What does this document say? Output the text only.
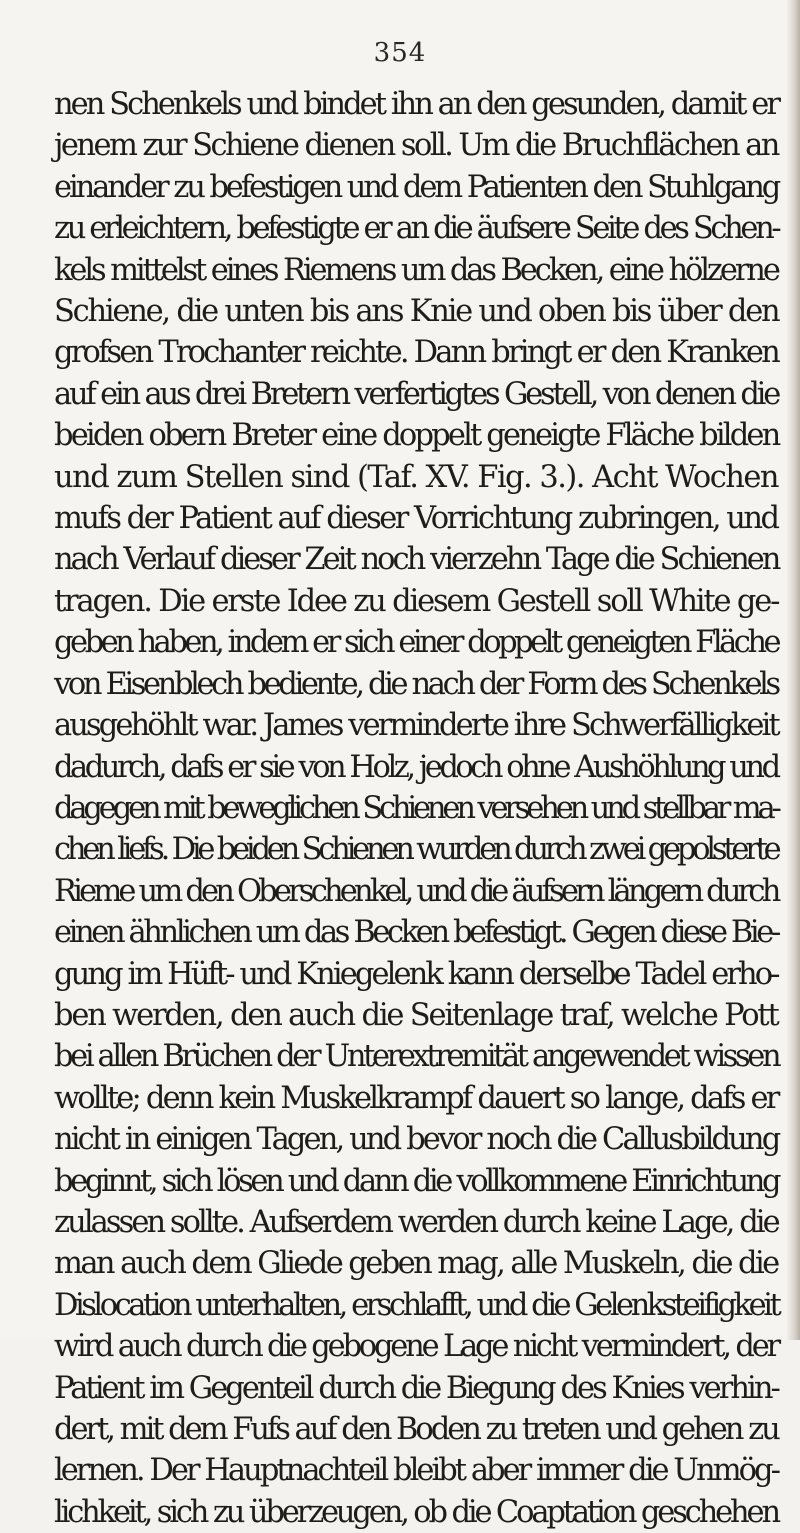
354
nen Schenkels und bindet ihn an den gesunden, damit er
jenem zur Schiene dienen soll. Um die Bruchflächen an
einander zu befestigen und dem Patienten den Stuhlgang
zu erleichtern, befestigte er an die äufsere Seite des Schen-
kels mittelst eines Riemens um das Becken, eine hölzerne
Schiene, die unten bis ans Knie und oben bis über den
grofsen Trochanter reichte. Dann bringt er den Kranken
auf ein aus drei Bretern verfertigtes Gestell, von denen die
beiden obern Breter eine doppelt geneigte Fläche bilden
und zum Stellen sind (Taf. XV. Fig. 3.). Acht Wochen
mufs der Patient auf dieser Vorrichtung zubringen, und
nach Verlauf dieser Zeit noch vierzehn Tage die Schienen
tragen. Die erste Idee zu diesem Gestell soll White ge-
geben haben, indem er sich einer doppelt geneigten Fläche
von Eisenblech bediente, die nach der Form des Schenkels
ausgehöhlt war. James verminderte ihre Schwerfälligkeit
dadurch, dafs er sie von Holz, jedoch ohne Aushöhlung und
dagegen mit beweglichen Schienen versehen und stellbar ma-
chen liefs. Die beiden Schienen wurden durch zwei gepolsterte
Rieme um den Oberschenkel, und die äufsern längern durch
einen ähnlichen um das Becken befestigt. Gegen diese Bie-
gung im Hüft- und Kniegelenk kann derselbe Tadel erho-
ben werden, den auch die Seitenlage traf, welche Pott
bei allen Brüchen der Unterextremität angewendet wissen
wollte; denn kein Muskelkrampf dauert so lange, dafs er
nicht in einigen Tagen, und bevor noch die Callusbildung
beginnt, sich lösen und dann die vollkommene Einrichtung
zulassen sollte. Aufserdem werden durch keine Lage, die
man auch dem Gliede geben mag, alle Muskeln, die die
Dislocation unterhalten, erschlafft, und die Gelenksteifigkeit
wird auch durch die gebogene Lage nicht vermindert, der
Patient im Gegenteil durch die Biegung des Knies verhin-
dert, mit dem Fufs auf den Boden zu treten und gehen zu
lernen. Der Hauptnachteil bleibt aber immer die Unmög-
lichkeit, sich zu überzeugen, ob die Coaptation geschehen
